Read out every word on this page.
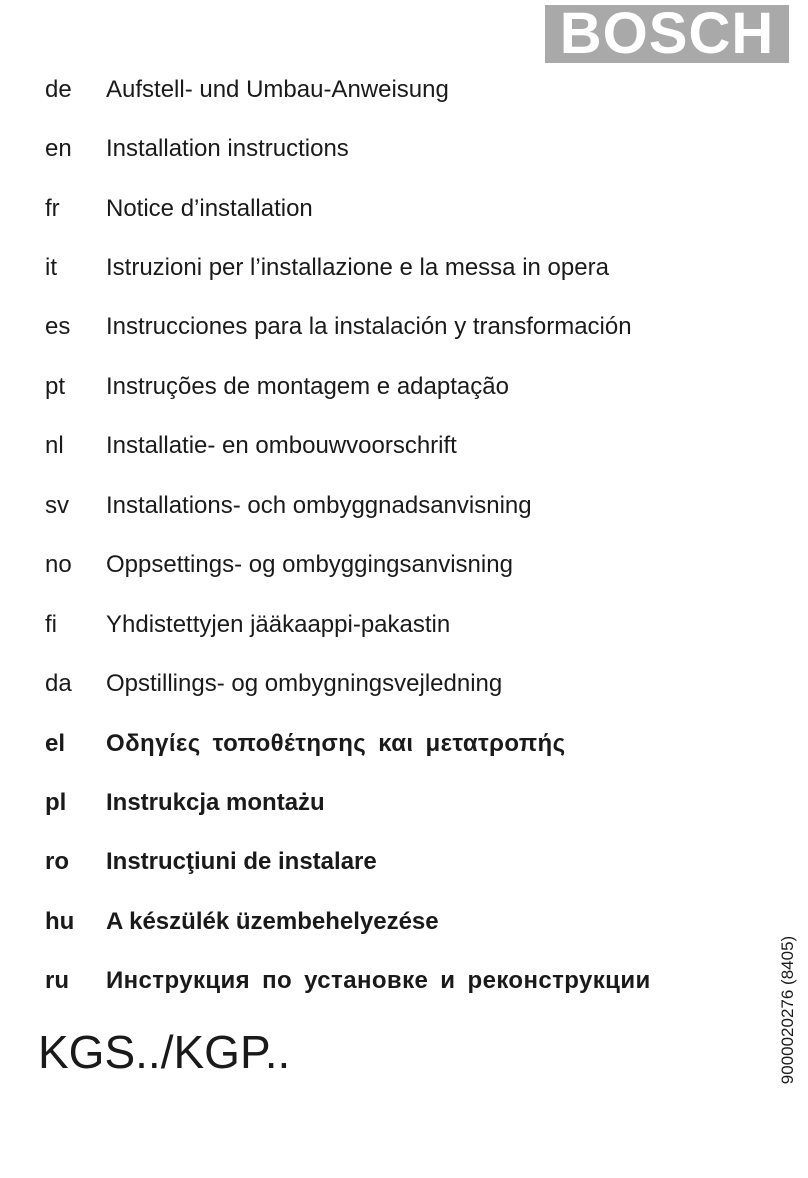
BOSCH
de Aufstell- und Umbau-Anweisung
en Installation instructions
fr Notice d’installation
it Istruzioni per l’installazione e la messa in opera
es Instrucciones para la instalación y transformación
pt Instruções de montagem e adaptação
nl Installatie- en ombouwvoorschrift
sv Installations- och ombyggnadsanvisning
no Oppsettings- og ombyggingsanvisning
fi Yhdistettyjen jääkaappi-pakastin
da Opstillings- og ombygningsvejledning
el Οδηγίες τοποθέτησης και μετατροπής
pl Instrukcja montażu
ro Instrucţiuni de instalare
hu A készülék üzembehelyezése
ru Инструкция по установке и реконструкции
KGS../KGP..	9000020276 (8405)
